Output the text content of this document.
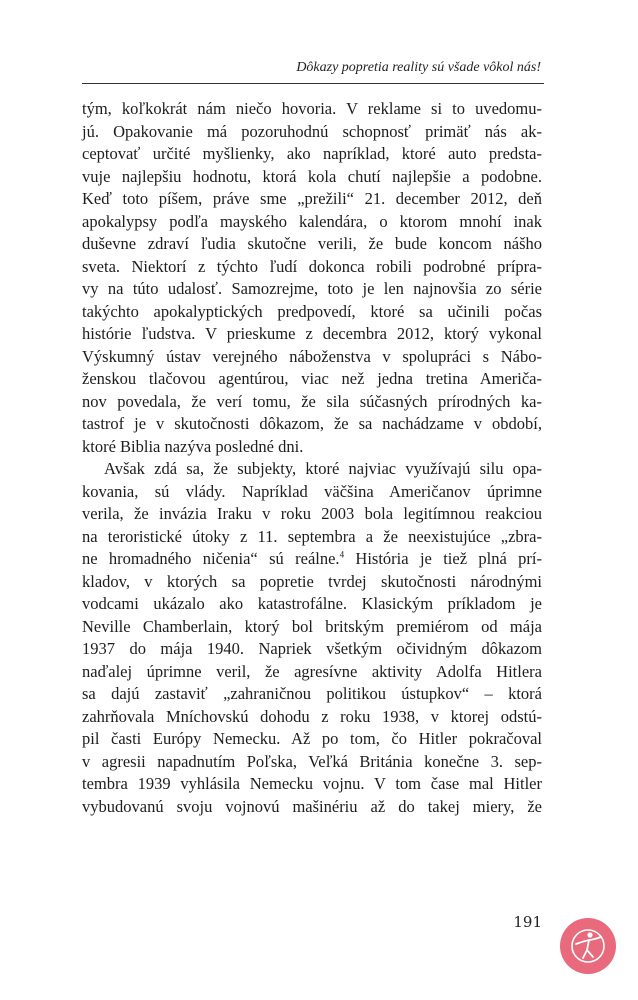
Dôkazy popretia reality sú všade vôkol nás!

tým, koľkokrát nám niečo hovoria. V reklame si to uvedomu-
jú. Opakovanie má pozoruhodnú schopnosť primäť nás ak-
ceptovať určité myšlienky, ako napríklad, ktoré auto predsta-
vuje najlepšiu hodnotu, ktorá kola chutí najlepšie a podobne.
Keď toto píšem, práve sme „prežili“ 21. december 2012, deň
apokalypsy podľa mayského kalendára, o ktorom mnohí inak
duševne zdraví ľudia skutočne verili, že bude koncom nášho
sveta. Niektorí z týchto ľudí dokonca robili podrobné prípra-
vy na túto udalosť. Samozrejme, toto je len najnovšia zo série
takýchto apokalyptických predpovedí, ktoré sa učinili počas
histórie ľudstva. V prieskume z decembra 2012, ktorý vykonal
Výskumný ústav verejného náboženstva v spolupráci s Nábo-
ženskou tlačovou agentúrou, viac než jedna tretina Američa-
nov povedala, že verí tomu, že sila súčasných prírodných ka-
tastrof je v skutočnosti dôkazom, že sa nachádzame v období,
ktoré Biblia nazýva posledné dni.

Avšak zdá sa, že subjekty, ktoré najviac využívajú silu opa-
kovania, sú vlády. Napríklad väčšina Američanov úprimne
verila, že invázia Iraku v roku 2003 bola legitímnou reakciou
na teroristické útoky z 11. septembra a že neexistujúce „zbra-
ne hromadného ničenia“ sú reálne.$^4$ História je tiež plná prí-
kladov, v ktorých sa popretie tvrdej skutočnosti národnými
vodcami ukázalo ako katastrofálne. Klasickým príkladom je
Neville Chamberlain, ktorý bol britským premiérom od mája
1937 do mája 1940. Napriek všetkým očividným dôkazom
naďalej úprimne veril, že agresívne aktivity Adolfa Hitlera
sa dajú zastaviť „zahraničnou politikou ústupkov“ – ktorá
zahrňovala Mníchovskú dohodu z roku 1938, v ktorej odstú-
pil časti Európy Nemecku. Až po tom, čo Hitler pokračoval
v agresii napadnutím Poľska, Veľká Británia konečne 3. sep-
tembra 1939 vyhlásila Nemecku vojnu. V tom čase mal Hitler
vybudovanú svoju vojnovú mašinériu až do takej miery, že

191
